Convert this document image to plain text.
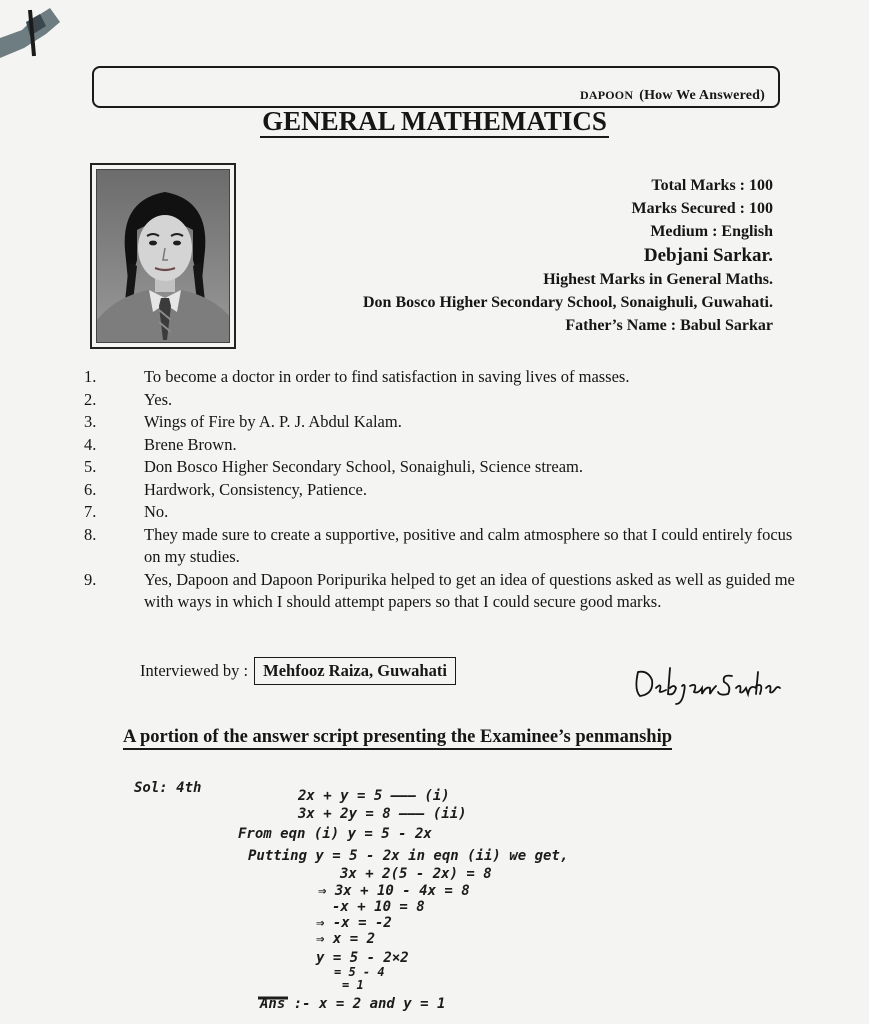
DAPOON (How We Answered)
GENERAL MATHEMATICS
Total Marks : 100
Marks Secured : 100
Medium : English
Debjani Sarkar.
Highest Marks in General Maths.
Don Bosco Higher Secondary School, Sonaighuli, Guwahati.
Father’s Name : Babul Sarkar
1.	To become a doctor in order to find satisfaction in saving lives of masses.
2.	Yes.
3.	Wings of Fire by A. P. J. Abdul Kalam.
4.	Brene Brown.
5.	Don Bosco Higher Secondary School, Sonaighuli, Science stream.
6.	Hardwork, Consistency, Patience.
7.	No.
8.	They made sure to create a supportive, positive and calm atmosphere so that I could entirely focus on my studies.
9.	Yes, Dapoon and Dapoon Poripurika helped to get an idea of questions asked as well as guided me with ways in which I should attempt papers so that I could secure good marks.
Interviewed by : Mehfooz Raiza, Guwahati
A portion of the answer script presenting the Examinee’s penmanship
Sol: 4th	2x + y = 5 ——— (i)
3x + 2y = 8 ——— (ii)
From eqn (i) y = 5 - 2x
Putting y = 5 - 2x in eqn (ii) we get,
3x + 2(5 - 2x) = 8
⇒ 3x + 10 - 4x = 8
-x + 10 = 8
⇒ -x = -2
⇒ x = 2
y = 5 - 2×2
= 5 - 4
= 1
Ans :- x = 2 and y = 1
